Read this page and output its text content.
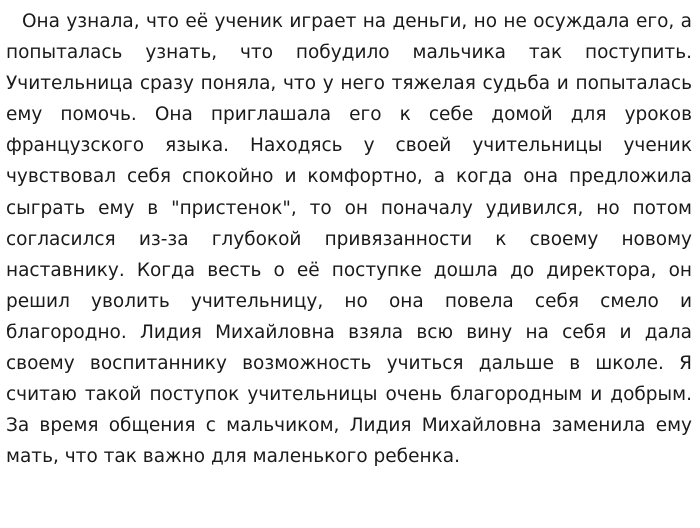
Она узнала, что её ученик играет на деньги, но не осуждала его, а попыталась узнать, что побудило мальчика так поступить. Учительница сразу поняла, что у него тяжелая судьба и попыталась ему помочь. Она приглашала его к себе домой для уроков французского языка. Находясь у своей учительницы ученик чувствовал себя спокойно и комфортно, а когда она предложила сыграть ему в "пристенок", то он поначалу удивился, но потом согласился из-за глубокой привязанности к своему новому наставнику. Когда весть о её поступке дошла до директора, он решил уволить учительницу, но она повела себя смело и благородно. Лидия Михайловна взяла всю вину на себя и дала своему воспитаннику возможность учиться дальше в школе. Я считаю такой поступок учительницы очень благородным и добрым. За время общения с мальчиком, Лидия Михайловна заменила ему мать, что так важно для маленького ребенка.
